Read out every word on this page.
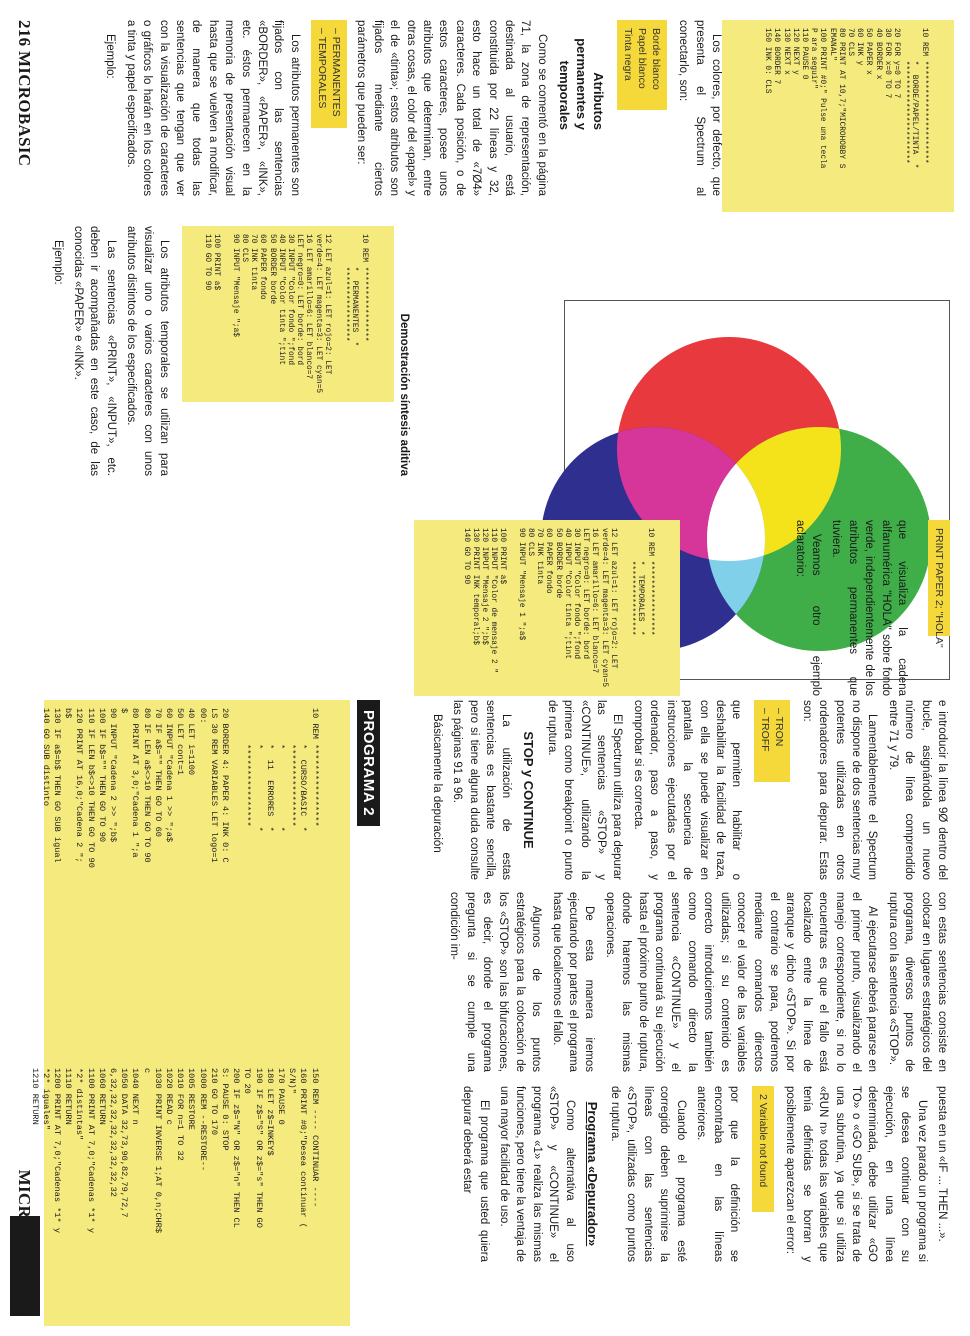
10 REM **********************
*  BORDE/PAPEL/TINTA  *
**********************
20 FOR y=0 TO 7
30 FOR x=0 TO 7
40 BORDER x
50 PAPER x
60 INK y
70 CLS
80 PRINT AT 10,7;"MICROHOBBY S
EMANAL"
100 PRINT #0;" Pulse una tecla
P ara seguir"
110 PAUSE 0
120 NEXT y
130 NEXT x
140 BORDER 7
150 INK 0: CLS

Los colores, por defecto, que presenta el Spectrum al conectarlo, son:

Borde blanco
Papel blanco
Tinta negra
Atributos permanentes y temporales

Como se comentó en la página 71, la zona de representación, destinada al usuario, está constituida por 22 líneas y 32, esto hace un total de «7Ø4» caracteres. Cada posición, o de estos caracteres, posee unos atributos que determinan, entre otras cosas, el color del «papel» y el de «tinta»; estos atributos son fijados mediante ciertos parámetros que pueden ser:

– PERMANENTES
– TEMPORALES

Los atributos permanentes son fijados con las sentencias «BORDER», «PAPER», «INK», etc. éstos permanecen en la memoria de presentación visual hasta que se vuelven a modificar, de manera que todas las sentencias que tengan que ver con la visualización de caracteres o gráficos lo harán en los colores a tinta y papel especificados.

Ejemplo:

Demostración síntesis aditiva

10 REM ****************
*  PERMANENTES  *
****************

12 LET azul=1: LET rojo=2: LET
verde=4: LET magenta=3: LET cyan=5
16 LET amarillo=6: LET blanco=7
LET negro=0: LET borde: bord
30 INPUT "Color fondo ";fond
40 INPUT "Color tinta ";tint
50 BORDER borde
60 PAPER fondo
70 INK tinta
80 CLS
90 INPUT "Mensaje ";a$

100 PRINT a$
110 GO TO 90

Los atributos temporales se utilizan para visualizar uno o varios caracteres con unos atributos distintos de los especificados.

Las sentencias «PRINT», «INPUT», etc. deben ir acompañadas en este caso, de las conocidas «PAPER» e «INK».

Ejemplo:

PRINT PAPER 2; "HOLA"

que visualiza la cadena alfanumérica "HOLA" sobre fondo verde, independientemente de los atributos permanentes que tuviera.

Veamos otro ejemplo aclaratorio:

10 REM ****************
*  TEMPORALES  *
****************

12 LET azul=1: LET rojo=2: LET
verde=4: LET magenta=3: LET cyan=5
16 LET amarillo=6: LET blanco=7
LET negro=0: LET borde: bord
30 INPUT "Color fondo ";fond
40 INPUT "Color tinta ";tint
50 BORDER borde
60 PAPER fondo
70 INK tinta
80 CLS
90 INPUT "Mensaje 1 ";a$

100 PRINT a$
110 INPUT "Color de mensaje 2 "
120 INPUT "Mensaje 2 ";b$
130 PRINT INK temporal;b$
140 GO TO 90

216 MICROBASIC

e introducir la línea 9Ø dentro del bucle, asignándola un nuevo número de línea comprendido entre 71 y 79.

Lamentablemente el Spectrum no dispone de dos sentencias muy potentes utilizadas en otros ordenadores para depurar. Estas son:

– TRON
– TROFF

que permiten habilitar o deshabilitar la facilidad de traza, con ella se puede visualizar en pantalla la secuencia de instrucciones ejecutadas por el ordenador, paso a paso, y comprobar si es correcta.

El Spectrum utiliza para depurar las sentencias «STOP» y «CONTINUE», utilizando la primera como breakpoint o punto de ruptura.

STOP y CONTINUE

La utilización de estas sentencias es bastante sencilla, pero si tiene alguna duda consulte las páginas 91 a 96.

Básicamente la depuración

con estas sentencias consiste en colocar en lugares estratégicos del programa, diversos puntos de ruptura con la sentencia «STOP».

Al ejecutarse deberá pararse en el primer punto, visualizando el manejo correspondiente, si no lo encuentras es que el fallo está localizado entre la línea de arranque y dicho «STOP». Si por el contrario se para, podremos mediante comandos directos conocer el valor de las variables utilizadas; si su contenido es correcto introduciremos también como comando directo la sentencia «CONTINUE» y el programa continuará su ejecución hasta el próximo punto de ruptura, donde haremos las mismas operaciones.

De esta manera iremos ejecutando por partes el programa hasta que localicemos el fallo.

Algunos de los puntos estratégicos para la colocación de los «STOP» son las bifurcaciones, es decir, donde el programa pregunta si se cumple una condición im-

puesta en un «IF ... THEN ...».

Una vez parado un programa si se desea continuar con su ejecución, en una línea determinada, debe utilizar «GO TO» o «GO SUB», si se trata de una subrutina, ya que si utiliza «RUN n» todas las variables que tenía definidas se borran y posiblemente aparezcan el error:

2 Variable not found

por que la definición se encontraba en las líneas anteriores.

Cuando el programa esté corregido deben suprimirse la líneas con las sentencias «STOP», utilizadas como puntos de ruptura.

Programa «Depurador»

Como alternativa al uso «STOP» y «CONTINUE» el programa «1» realiza las mismas funciones, pero tiene la ventaja de una mayor facilidad de uso.

El programa que usted quiera depurar deberá estar

PROGRAMA 2

10 REM ****************
*  CURSO/BASIC  *
****************
*               *
*  11  ERRORES  *
*               *
****************

20 BORDER 4: PAPER 4: INK 0: C
LS 30 REM VARIABLES LET logo=1
00:
40 LET i=1100
50 LET cont=1
60 INPUT "Cadena 1 >> ";a$
70 IF a$="" THEN GO TO 60
80 IF LEN a$<>10 THEN GO TO 90
80 PRINT AT 3,0;"Cadena 1 ";a
$
90 INPUT "Cadena 2 >> ";b$
100 IF b$="" THEN GO TO 90
110 IF LEN b$<>10 THEN GO TO 90
120 PRINT AT 16,0;"Cadena 2 ";
b$
130 IF a$=b$ THEN GO SUB igual
140 GO SUB distinto

150 REM ---- CONTINUAR ----
160 PRINT #0;"Desea continuar (
S/N)"
170 PAUSE 0
180 LET z$=INKEY$
190 IF z$="S" OR z$="s" THEN GO
TO 20
200 IF z$="N" OR z$="n" THEN CL
S: PAUSE 0: STOP
210 GO TO 170
1000 REM --RESTORE--
1005 RESTORE
1010 FOR n=1 TO 32
1020 READ c
1030 PRINT INVERSE 1;AT 0,n;CHR$
c
1040 NEXT n
1050 DATA 32,73,90,82,79,72,7
6,32,32,32,32,32,32,32,32
1060 RETURN
1100 PRINT AT 7,0;"Cadenas *1* y
*2* distintas"
1110 RETURN
1200 PRINT AT 7,0;"Cadenas *1* y
*2* iguales"
1210 RETURN

MICROBASIC 209
